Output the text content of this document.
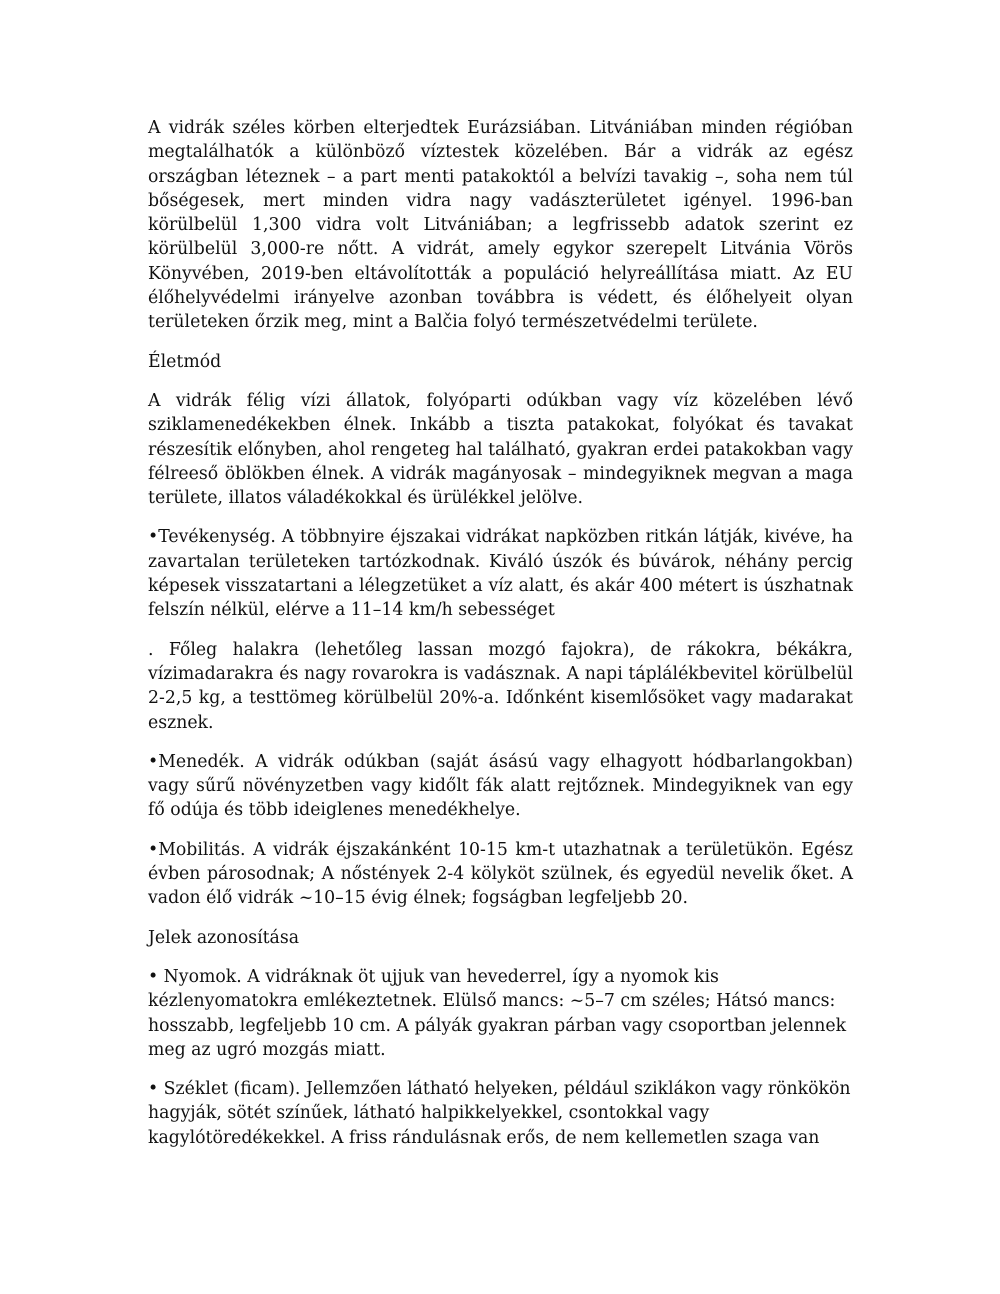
A vidrák széles körben elterjedtek Eurázsiában. Litvániában minden régióban megtalálhatók a különböző víztestek közelében. Bár a vidrák az egész országban léteznek – a part menti patakoktól a belvízi tavakig –, soha nem túl bőségesek, mert minden vidra nagy vadászterületet igényel. 1996-ban körülbelül 1,300 vidra volt Litvániában; a legfrissebb adatok szerint ez körülbelül 3,000-re nőtt. A vidrát, amely egykor szerepelt Litvánia Vörös Könyvében, 2019-ben eltávolították a populáció helyreállítása miatt. Az EU élőhelyvédelmi irányelve azonban továbbra is védett, és élőhelyeit olyan területeken őrzik meg, mint a Balčia folyó természetvédelmi területe.

Életmód

A vidrák félig vízi állatok, folyóparti odúkban vagy víz közelében lévő sziklamenedékekben élnek. Inkább a tiszta patakokat, folyókat és tavakat részesítik előnyben, ahol rengeteg hal található, gyakran erdei patakokban vagy félreeső öblökben élnek. A vidrák magányosak – mindegyiknek megvan a maga területe, illatos váladékokkal és ürülékkel jelölve.

•Tevékenység. A többnyire éjszakai vidrákat napközben ritkán látják, kivéve, ha zavartalan területeken tartózkodnak. Kiváló úszók és búvárok, néhány percig képesek visszatartani a lélegzetüket a víz alatt, és akár 400 métert is úszhatnak felszín nélkül, elérve a 11–14 km/h sebességet

. Főleg halakra (lehetőleg lassan mozgó fajokra), de rákokra, békákra, vízimadarakra és nagy rovarokra is vadásznak. A napi táplálékbevitel körülbelül 2-2,5 kg, a testtömeg körülbelül 20%-a. Időnként kisemlősöket vagy madarakat esznek.

•Menedék. A vidrák odúkban (saját ásású vagy elhagyott hódbarlangokban) vagy sűrű növényzetben vagy kidőlt fák alatt rejtőznek. Mindegyiknek van egy fő odúja és több ideiglenes menedékhelye.

•Mobilitás. A vidrák éjszakánként 10-15 km-t utazhatnak a területükön. Egész évben párosodnak; A nőstények 2-4 kölyköt szülnek, és egyedül nevelik őket. A vadon élő vidrák ~10–15 évig élnek; fogságban legfeljebb 20.

Jelek azonosítása

• Nyomok. A vidráknak öt ujjuk van hevederrel, így a nyomok kis kézlenyomatokra emlékeztetnek. Elülső mancs: ~5–7 cm széles; Hátsó mancs: hosszabb, legfeljebb 10 cm. A pályák gyakran párban vagy csoportban jelennek meg az ugró mozgás miatt.

• Széklet (ficam). Jellemzően látható helyeken, például sziklákon vagy rönkökön hagyják, sötét színűek, látható halpikkelyekkel, csontokkal vagy kagylótöredékekkel. A friss rándulásnak erős, de nem kellemetlen szaga van
